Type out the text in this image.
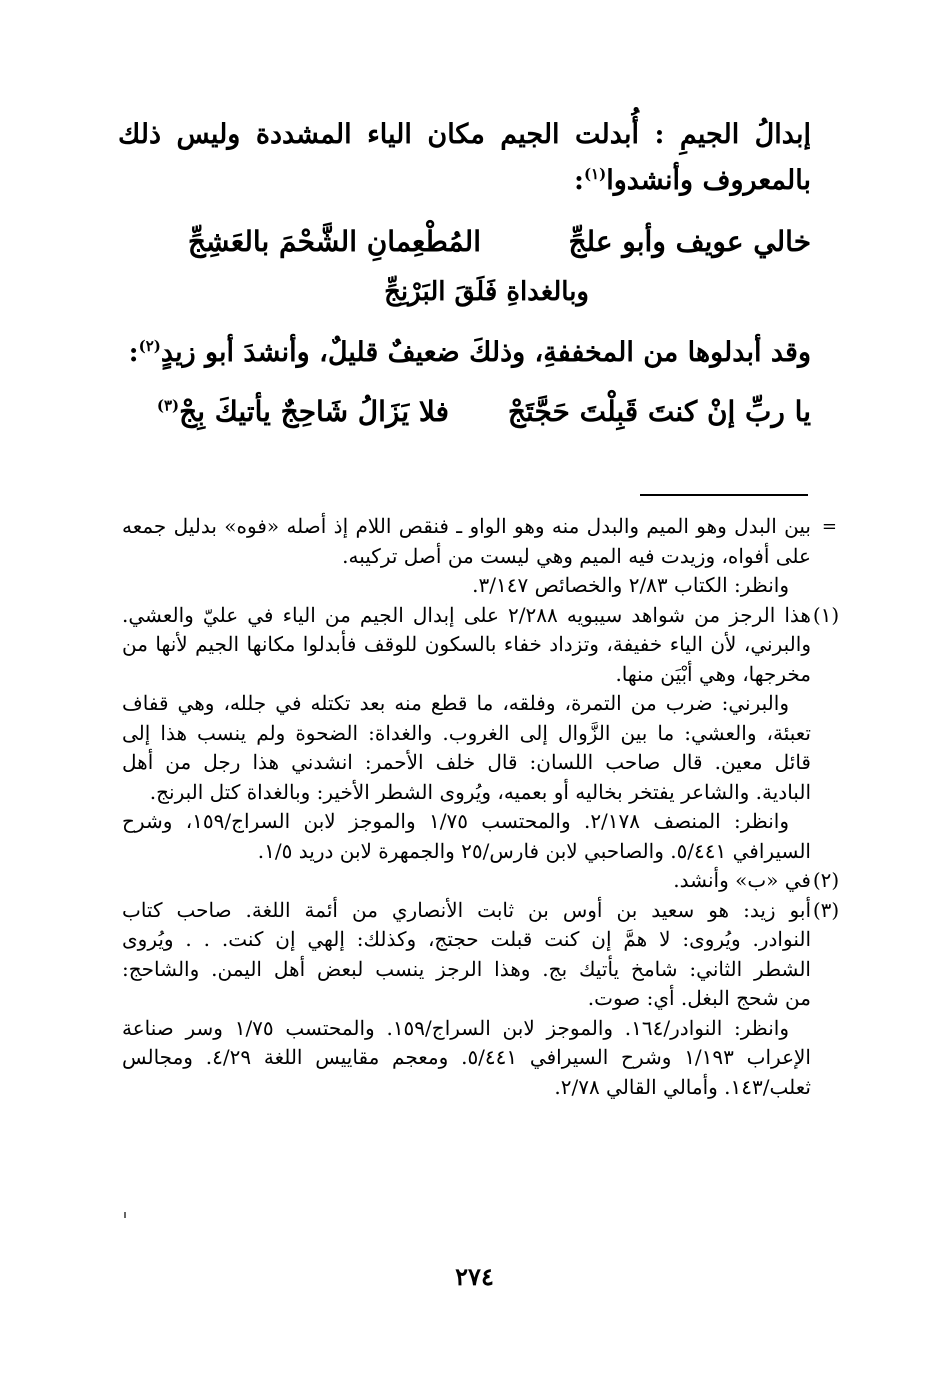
إبدالُ الجيمِ : أُبدلت الجيم مكان الياء المشددة وليس ذلك بالمعروف وأنشدوا$^{(١)}$:
خالي عويف وأبو علجِّ
المُطْعِمانِ الشَّحْمَ بالعَشِجِّ
وبالغداةِ فَلَقَ البَرْنِجِّ
وقد أبدلوها من المخففةِ، وذلكَ ضعيفٌ قليلٌ، وأنشدَ أبو زيدٍ$^{(٢)}$:
يا ربِّ إنْ كنتَ قَبِلْتَ حَجَّتَجْ
فلا يَزَالُ شَاحِجٌ يأتيكَ بِجْ$^{(٣)}$
=
بين البدل وهو الميم والبدل منه وهو الواو ـ فنقص اللام إذ أصله «فوه» بدليل جمعه
على أفواه، وزيدت فيه الميم وهي ليست من أصل تركيبه.
وانظر: الكتاب ٢/٨٣ والخصائص ٣/١٤٧.
(١)
هذا الرجز من شواهد سيبويه ٢/٢٨٨ على إبدال الجيم من الياء في عليّ والعشي.
والبرني، لأن الياء خفيفة، وتزداد خفاء بالسكون للوقف فأبدلوا مكانها الجيم لأنها من
مخرجها، وهي أبْيَن منها.
والبرني: ضرب من التمرة، وفلقه، ما قطع منه بعد تكتله في جلله، وهي قفاف
تعبئة، والعشي: ما بين الزَّوال إلى الغروب. والغداة: الضحوة ولم ينسب هذا إلى
قائل معين. قال صاحب اللسان: قال خلف الأحمر: انشدني هذا رجل من أهل
البادية. والشاعر يفتخر بخاليه أو بعميه، ويُروى الشطر الأخير: وبالغداة كتل البرنج.
وانظر: المنصف ٢/١٧٨. والمحتسب ١/٧٥ والموجز لابن السراج/١٥٩، وشرح
السيرافي ٥/٤٤١. والصاحبي لابن فارس/٢٥ والجمهرة لابن دريد ١/٥.
(٢)
في «ب» وأنشد.
(٣)
أبو زيد: هو سعيد بن أوس بن ثابت الأنصاري من أئمة اللغة. صاحب كتاب
النوادر. ويُروى: لا همَّ إن كنت قبلت حجتج، وكذلك: إلهي إن كنت. . . ويُروى
الشطر الثاني: شامخ يأتيك بج. وهذا الرجز ينسب لبعض أهل اليمن. والشاحج:
من شحج البغل. أي: صوت.
وانظر: النوادر/١٦٤. والموجز لابن السراج/١٥٩. والمحتسب ١/٧٥ وسر صناعة
الإعراب ١/١٩٣ وشرح السيرافي ٥/٤٤١. ومعجم مقاييس اللغة ٤/٢٩. ومجالس
ثعلب/١٤٣. وأمالي القالي ٢/٧٨.
٢٧٤
